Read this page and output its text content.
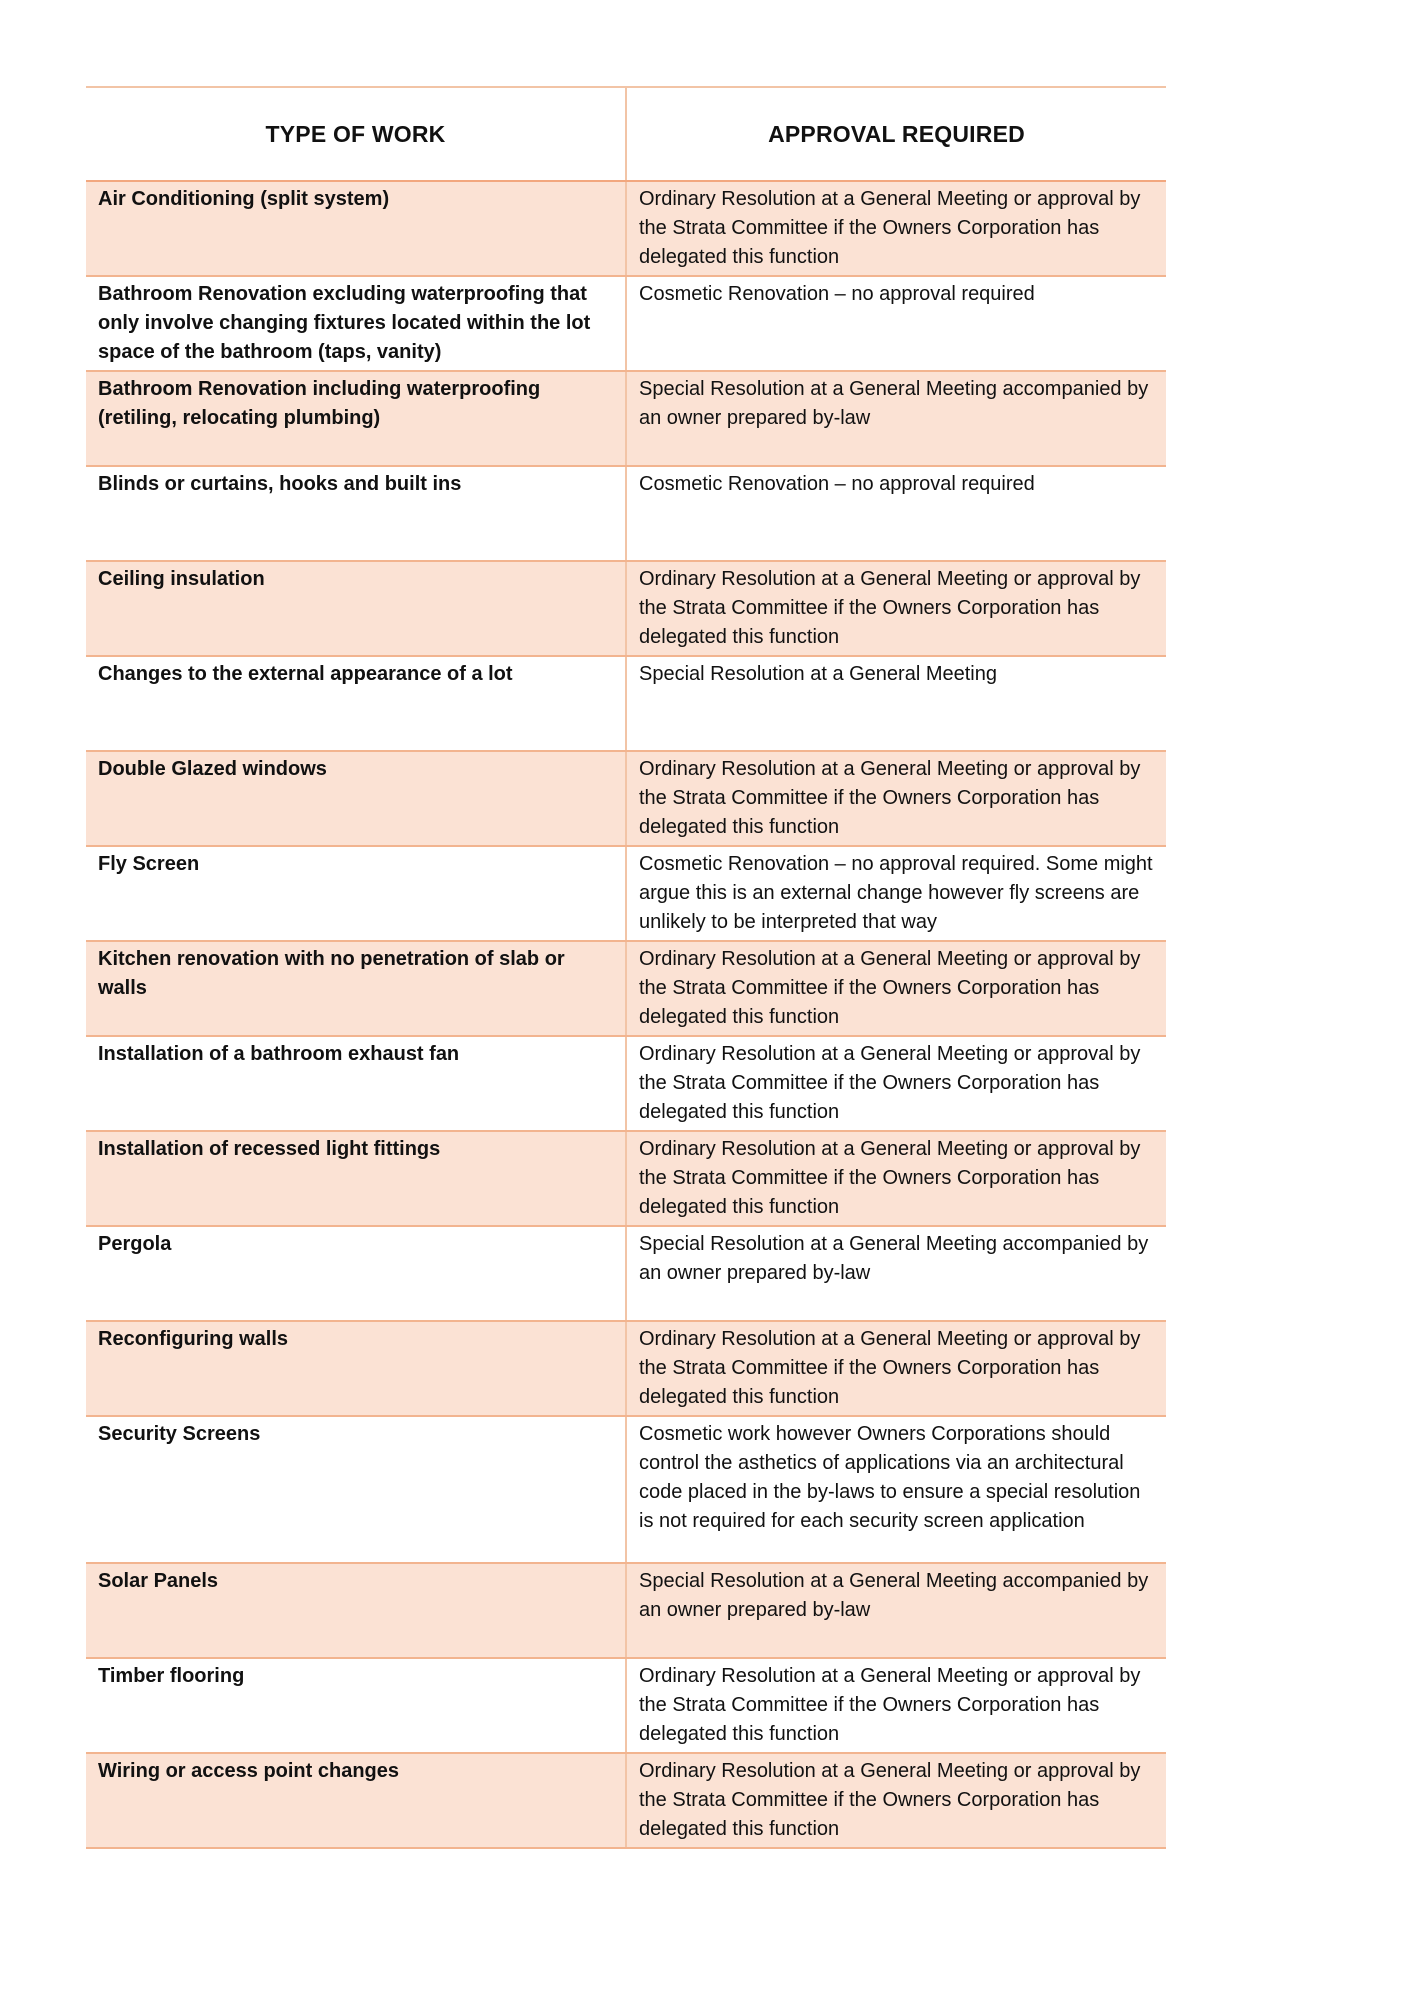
TYPE OF WORK	APPROVAL REQUIRED
Air Conditioning (split system)	Ordinary Resolution at a General Meeting or approval by the Strata Committee if the Owners Corporation has delegated this function
Bathroom Renovation excluding waterproofing that only involve changing fixtures located within the lot space of the bathroom (taps, vanity)	Cosmetic Renovation – no approval required
Bathroom Renovation including waterproofing (retiling, relocating plumbing)	Special Resolution at a General Meeting accompanied by an owner prepared by-law
Blinds or curtains, hooks and built ins	Cosmetic Renovation – no approval required
Ceiling insulation	Ordinary Resolution at a General Meeting or approval by the Strata Committee if the Owners Corporation has delegated this function
Changes to the external appearance of a lot	Special Resolution at a General Meeting
Double Glazed windows	Ordinary Resolution at a General Meeting or approval by the Strata Committee if the Owners Corporation has delegated this function
Fly Screen	Cosmetic Renovation – no approval required. Some might argue this is an external change however fly screens are unlikely to be interpreted that way
Kitchen renovation with no penetration of slab or walls	Ordinary Resolution at a General Meeting or approval by the Strata Committee if the Owners Corporation has delegated this function
Installation of a bathroom exhaust fan	Ordinary Resolution at a General Meeting or approval by the Strata Committee if the Owners Corporation has delegated this function
Installation of recessed light fittings	Ordinary Resolution at a General Meeting or approval by the Strata Committee if the Owners Corporation has delegated this function
Pergola	Special Resolution at a General Meeting accompanied by an owner prepared by-law
Reconfiguring walls	Ordinary Resolution at a General Meeting or approval by the Strata Committee if the Owners Corporation has delegated this function
Security Screens	Cosmetic work however Owners Corporations should control the asthetics of applications via an architectural code placed in the by-laws to ensure a special resolution is not required for each security screen application
Solar Panels	Special Resolution at a General Meeting accompanied by an owner prepared by-law
Timber flooring	Ordinary Resolution at a General Meeting or approval by the Strata Committee if the Owners Corporation has delegated this function
Wiring or access point changes	Ordinary Resolution at a General Meeting or approval by the Strata Committee if the Owners Corporation has delegated this function
